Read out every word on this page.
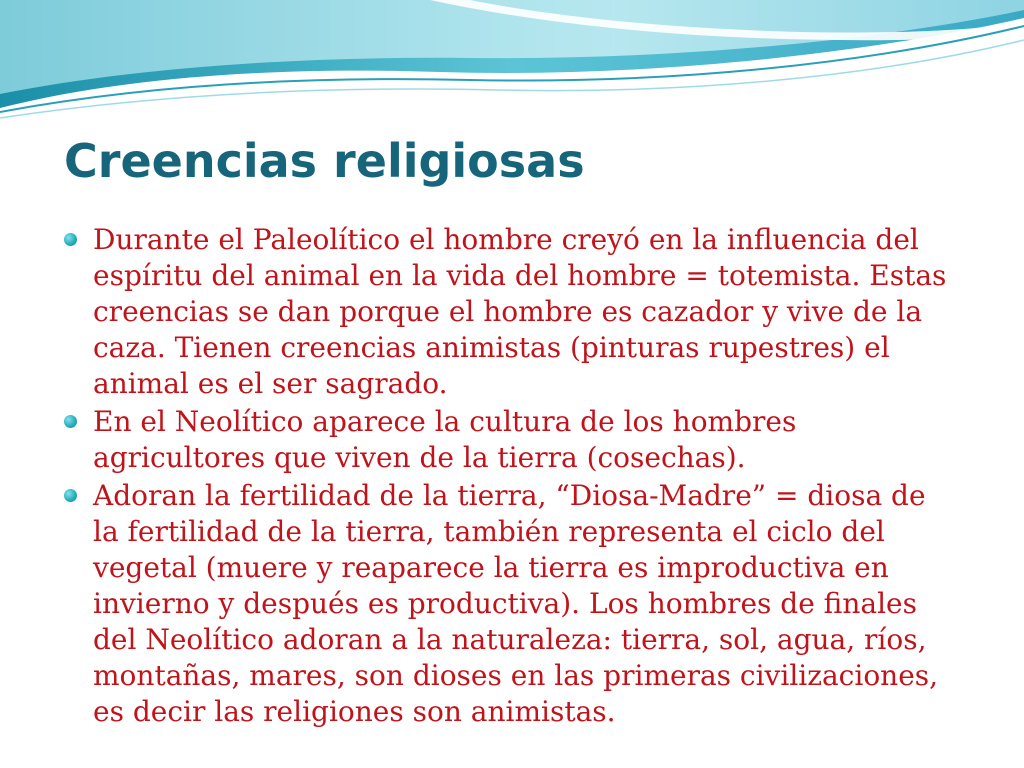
Creencias religiosas
Durante el Paleolítico el hombre creyó en la influencia del espíritu del animal en la vida del hombre = totemista. Estas creencias se dan porque el hombre es cazador y vive de la caza. Tienen creencias animistas (pinturas rupestres) el animal es el ser sagrado.
En el Neolítico aparece la cultura de los hombres agricultores que viven de la tierra (cosechas).
Adoran la fertilidad de la tierra, “Diosa-Madre” = diosa de la fertilidad de la tierra, también representa el ciclo del vegetal (muere y reaparece la tierra es improductiva en invierno y después es productiva). Los hombres de finales del Neolítico adoran a la naturaleza: tierra, sol, agua, ríos, montañas, mares, son dioses en las primeras civilizaciones, es decir las religiones son animistas.
